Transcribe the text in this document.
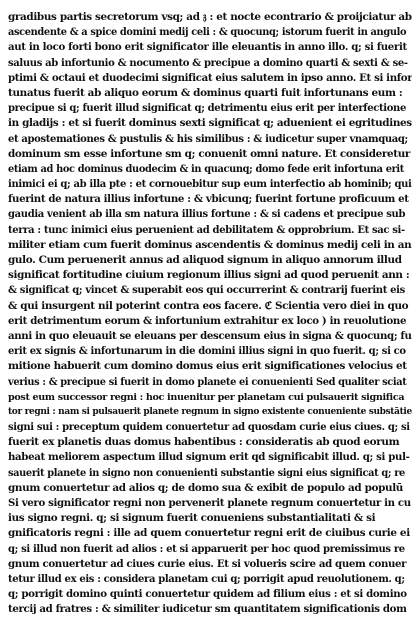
gradibus partis secretorum vsq; ad 𝔷 : et nocte econtrario & proijciatur ab
ascendente & a spice domini medij celi : & quocunq; istorum fuerit in angulo
aut in loco forti bono erit significator ille eleuantis in anno illo. q; si fuerit
saluus ab infortunio & nocumento & precipue a domino quarti & sexti & se-
ptimi & octaui et duodecimi significat eius salutem in ipso anno. Et si infor
tunatus fuerit ab aliquo eorum & dominus quarti fuit infortunans eum :
precipue si q; fuerit illud significat q; detrimentu eius erit per interfectione
in gladijs : et si fuerit dominus sexti significat q; aduenient ei egritudines
et apostemationes & pustulis & his similibus : & iudicetur super vnamquaq;
dominum sm esse infortune sm q; conuenit omni nature. Et consideretur
etiam ad hoc dominus duodecim & in quacunq; domo fede erit infortuna erit
inimici ei q; ab illa pte : et cornouebitur sup eum interfectio ab hominib; qui
fuerint de natura illius infortune : & vbicunq; fuerint fortune proficuum et
gaudia venient ab illa sm natura illius fortune : & si cadens et precipue sub
terra : tunc inimici eius peruenient ad debilitatem & opprobrium. Et sac si-
militer etiam cum fuerit dominus ascendentis & dominus medij celi in an
gulo. Cum peruenerit annus ad aliquod signum in aliquo annorum illud
significat fortitudine ciuium regionum illius signi ad quod peruenit ann :
& significat q; vincet & superabit eos qui occurrerint & contrarij fuerint eis
& qui insurgent nil poterint contra eos facere. ℭ Scientia vero diei in quo
erit detrimentum eorum & infortunium extrahitur ex loco ) in reuolutione
anni in quo eleuauit se eleuans per descensum eius in signa & quocunq; fu
erit ex signis & infortunarum in die domini illius signi in quo fuerit. q; si co
mitione habuerit cum domino domus eius erit significationes velocius et
verius : & precipue si fuerit in domo planete ei conuenienti Sed qualiter sciat
post eum successor regni : hoc inuenitur per planetam cui pulsauerit significa
tor regni : nam si pulsauerit planete regnum in signo existente conueniente substātie
signi sui : preceptum quidem conuertetur ad quosdam curie eius ciues. q; si
fuerit ex planetis duas domus habentibus : consideratis ab quod eorum
habeat meliorem aspectum illud signum erit qd significabit illud. q; si pul-
sauerit planete in signo non conuenienti substantie signi eius significat q; re
gnum conuertetur ad alios q; de domo sua & exibit de populo ad populū
Si vero significator regni non pervenerit planete regnum conuertetur in cu
ius signo regni. q; si signum fuerit conueniens substantialitati & si
gnificatoris regni : ille ad quem conuertetur regni erit de ciuibus curie ei
q; si illud non fuerit ad alios : et si apparuerit per hoc quod premissimus re
gnum conuertetur ad ciues curie eius. Et si volueris scire ad quem conuer
tetur illud ex eis : considera planetam cui q; porrigit apud reuolutionem. q;
q; porrigit domino quinti conuertetur quidem ad filium eius : et si domino
tercij ad fratres : & similiter iudicetur sm quantitatem significationis dom
